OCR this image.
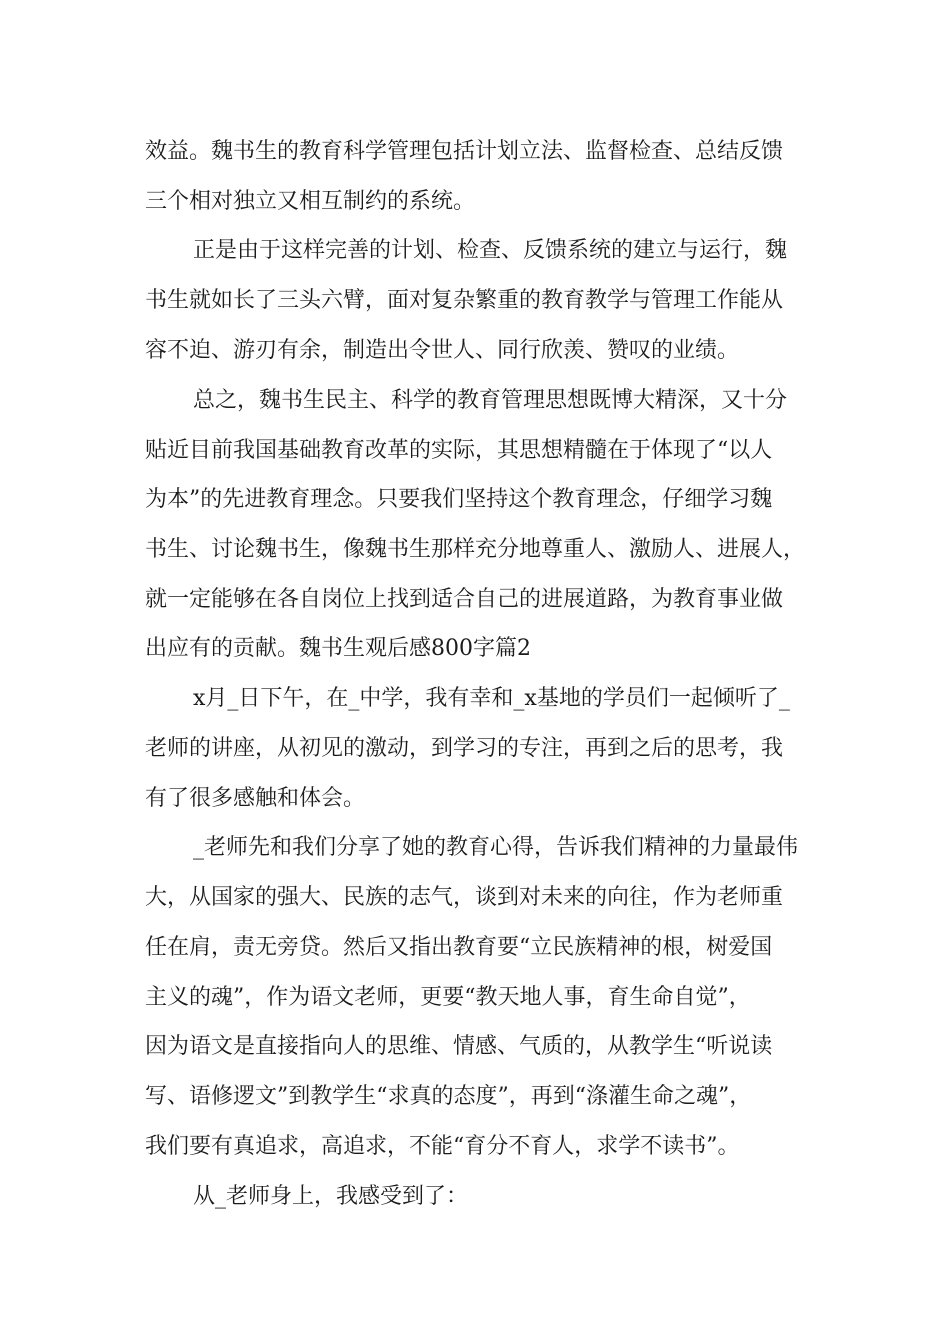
效益。魏书生的教育科学管理包括计划立法、监督检查、总结反馈

三个相对独立又相互制约的系统。

正是由于这样完善的计划、检查、反馈系统的建立与运行，魏

书生就如长了三头六臂，面对复杂繁重的教育教学与管理工作能从

容不迫、游刃有余，制造出令世人、同行欣羡、赞叹的业绩。

总之，魏书生民主、科学的教育管理思想既博大精深，又十分

贴近目前我国基础教育改革的实际，其思想精髓在于体现了“以人

为本”的先进教育理念。只要我们坚持这个教育理念，仔细学习魏

书生、讨论魏书生，像魏书生那样充分地尊重人、激励人、进展人，

就一定能够在各自岗位上找到适合自己的进展道路，为教育事业做

出应有的贡献。魏书生观后感800字篇2

x月_日下午，在_中学，我有幸和_x基地的学员们一起倾听了_

老师的讲座，从初见的激动，到学习的专注，再到之后的思考，我

有了很多感触和体会。

_老师先和我们分享了她的教育心得，告诉我们精神的力量最伟

大，从国家的强大、民族的志气，谈到对未来的向往，作为老师重

任在肩，责无旁贷。然后又指出教育要“立民族精神的根，树爱国

主义的魂”，作为语文老师，更要“教天地人事，育生命自觉”，

因为语文是直接指向人的思维、情感、气质的，从教学生“听说读

写、语修逻文”到教学生“求真的态度”，再到“涤灌生命之魂”，

我们要有真追求，高追求，不能“育分不育人，求学不读书”。

从_老师身上，我感受到了：
